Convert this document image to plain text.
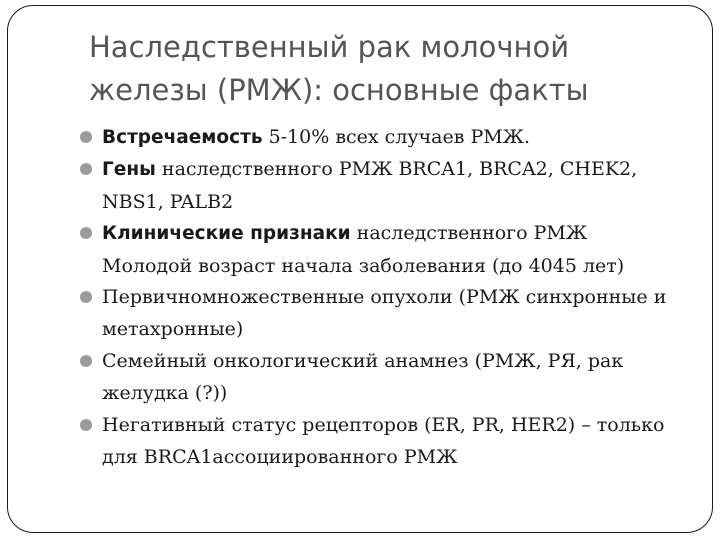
Наследственный рак молочной
железы (РМЖ): основные факты
Встречаемость 5-10% всех случаев РМЖ.
Гены наследственного РМЖ BRCA1, BRCA2, CHEK2, NBS1, PALB2
Клинические признаки наследственного РМЖ Молодой возраст начала заболевания (до 4045 лет)
Первичномножественные опухоли (РМЖ синхронные и метахронные)
Семейный онкологический анамнез (РМЖ, РЯ, рак желудка (?))
Негативный статус рецепторов (ER, PR, HER2) – только для BRCA1ассоциированного РМЖ
